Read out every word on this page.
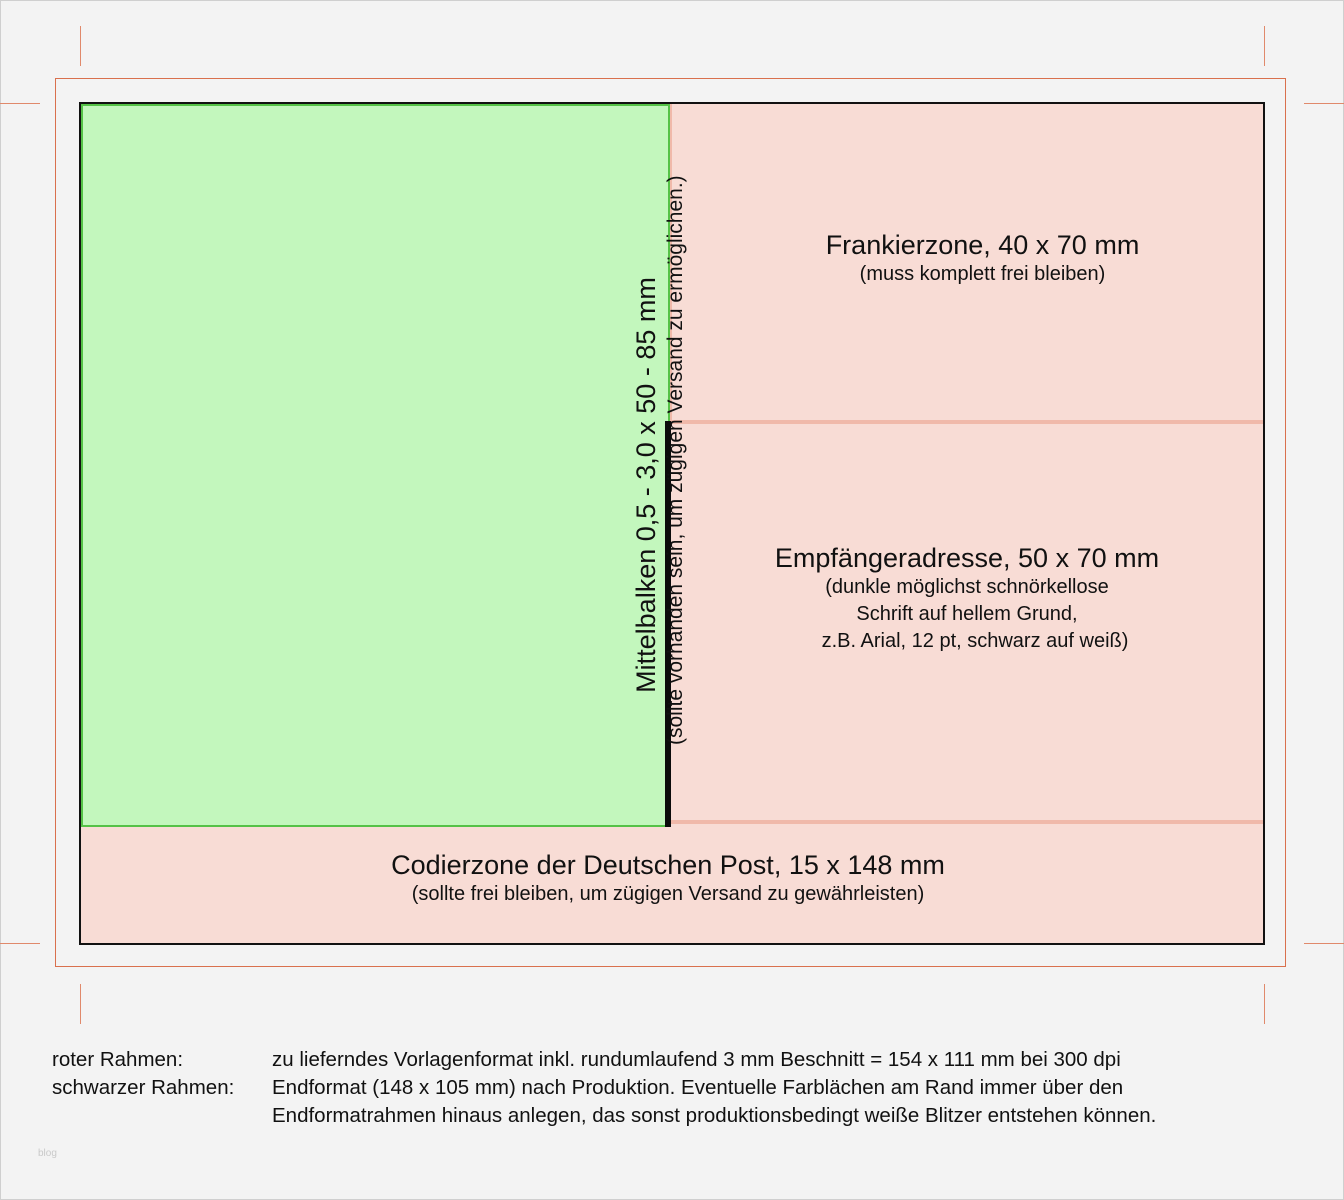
Frankierzone, 40 x 70 mm
(muss komplett frei bleiben)
Empfängeradresse, 50 x 70 mm
(dunkle möglichst schnörkellose
Schrift auf hellem Grund,
z.B. Arial, 12 pt, schwarz auf weiß)
Mittelbalken 0,5 - 3,0 x 50 - 85 mm (sollte vorhanden sein, um zügigen Versand zu ermöglichen.)
Codierzone der Deutschen Post, 15 x 148 mm
(sollte frei bleiben, um zügigen Versand zu gewährleisten)
roter Rahmen:	zu lieferndes Vorlagenformat inkl. rundumlaufend 3 mm Beschnitt = 154 x 111 mm bei 300 dpi
schwarzer Rahmen:	Endformat (148 x 105 mm) nach Produktion. Eventuelle Farblächen am Rand immer über den
Endformatrahmen hinaus anlegen, das sonst produktionsbedingt weiße Blitzer entstehen können.
blog
